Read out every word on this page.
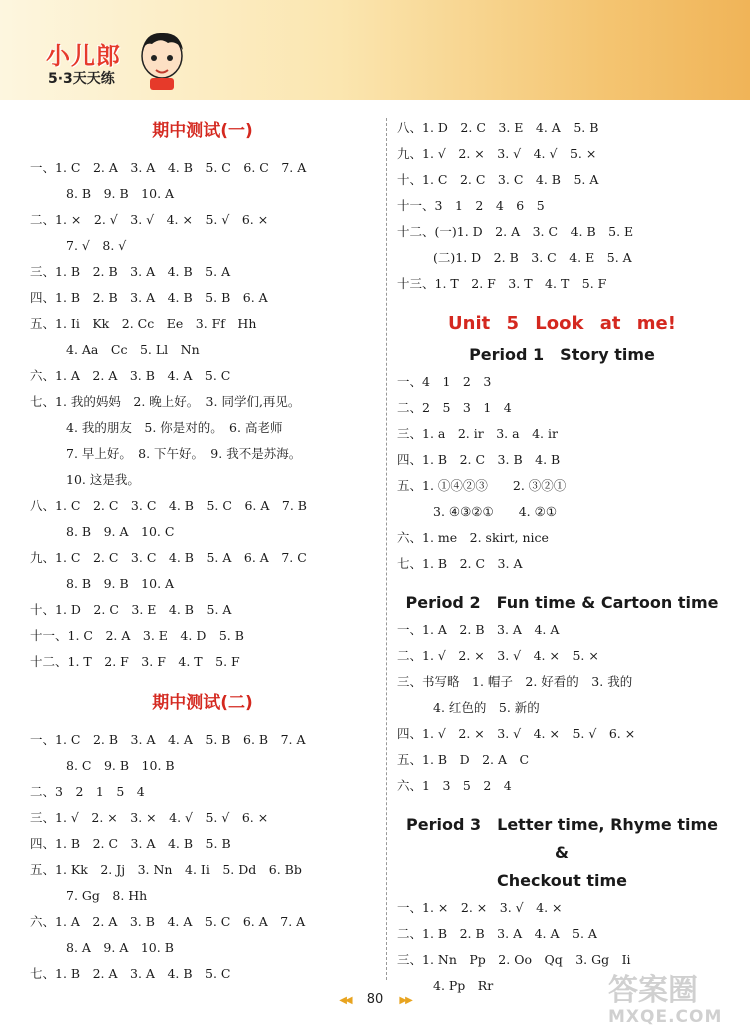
小儿郎
5·3天天练
期中测试(一)
一、1. C　2. A　3. A　4. B　5. C　6. C　7. A
8. B　9. B　10. A
二、1. ×　2. √　3. √　4. ×　5. √　6. ×
7. √　8. √
三、1. B　2. B　3. A　4. B　5. A
四、1. B　2. B　3. A　4. B　5. B　6. A
五、1. Ii　Kk　2. Cc　Ee　3. Ff　Hh
4. Aa　Cc　5. Ll　Nn
六、1. A　2. A　3. B　4. A　5. C
七、1. 我的妈妈　2. 晚上好。　3. 同学们,再见。
4. 我的朋友　5. 你是对的。　6. 高老师
7. 早上好。　8. 下午好。　9. 我不是苏海。
10. 这是我。
八、1. C　2. C　3. C　4. B　5. C　6. A　7. B
8. B　9. A　10. C
九、1. C　2. C　3. C　4. B　5. A　6. A　7. C
8. B　9. B　10. A
十、1. D　2. C　3. E　4. B　5. A
十一、1. C　2. A　3. E　4. D　5. B
十二、1. T　2. F　3. F　4. T　5. F
期中测试(二)
一、1. C　2. B　3. A　4. A　5. B　6. B　7. A
8. C　9. B　10. B
二、3　2　1　5　4
三、1. √　2. ×　3. ×　4. √　5. √　6. ×
四、1. B　2. C　3. A　4. B　5. B
五、1. Kk　2. Jj　3. Nn　4. Ii　5. Dd　6. Bb
7. Gg　8. Hh
六、1. A　2. A　3. B　4. A　5. C　6. A　7. A
8. A　9. A　10. B
七、1. B　2. A　3. A　4. B　5. C
八、1. D　2. C　3. E　4. A　5. B
九、1. √　2. ×　3. √　4. √　5. ×
十、1. C　2. C　3. C　4. B　5. A
十一、3　1　2　4　6　5
十二、(一)1. D　2. A　3. C　4. B　5. E
(二)1. D　2. B　3. C　4. E　5. A
十三、1. T　2. F　3. T　4. T　5. F
Unit 5 Look at me!
Period 1　Story time
一、4　1　2　3
二、2　5　3　1　4
三、1. a　2. ir　3. a　4. ir
四、1. B　2. C　3. B　4. B
五、1. ①④②③　　2. ③②①
3. ④③②①　　4. ②①
六、1. me　2. skirt, nice
七、1. B　2. C　3. A
Period 2　Fun time & Cartoon time
一、1. A　2. B　3. A　4. A
二、1. √　2. ×　3. √　4. ×　5. ×
三、书写略　1. 帽子　2. 好看的　3. 我的
4. 红色的　5. 新的
四、1. √　2. ×　3. √　4. ×　5. √　6. ×
五、1. B　D　2. A　C
六、1　3　5　2　4
Period 3　Letter time, Rhyme time &
Checkout time
一、1. ×　2. ×　3. √　4. ×
二、1. B　2. B　3. A　4. A　5. A
三、1. Nn　Pp　2. Oo　Qq　3. Gg　Ii
4. Pp　Rr
◀◀ 80 ▶▶	答案圈
MXQE.COM
